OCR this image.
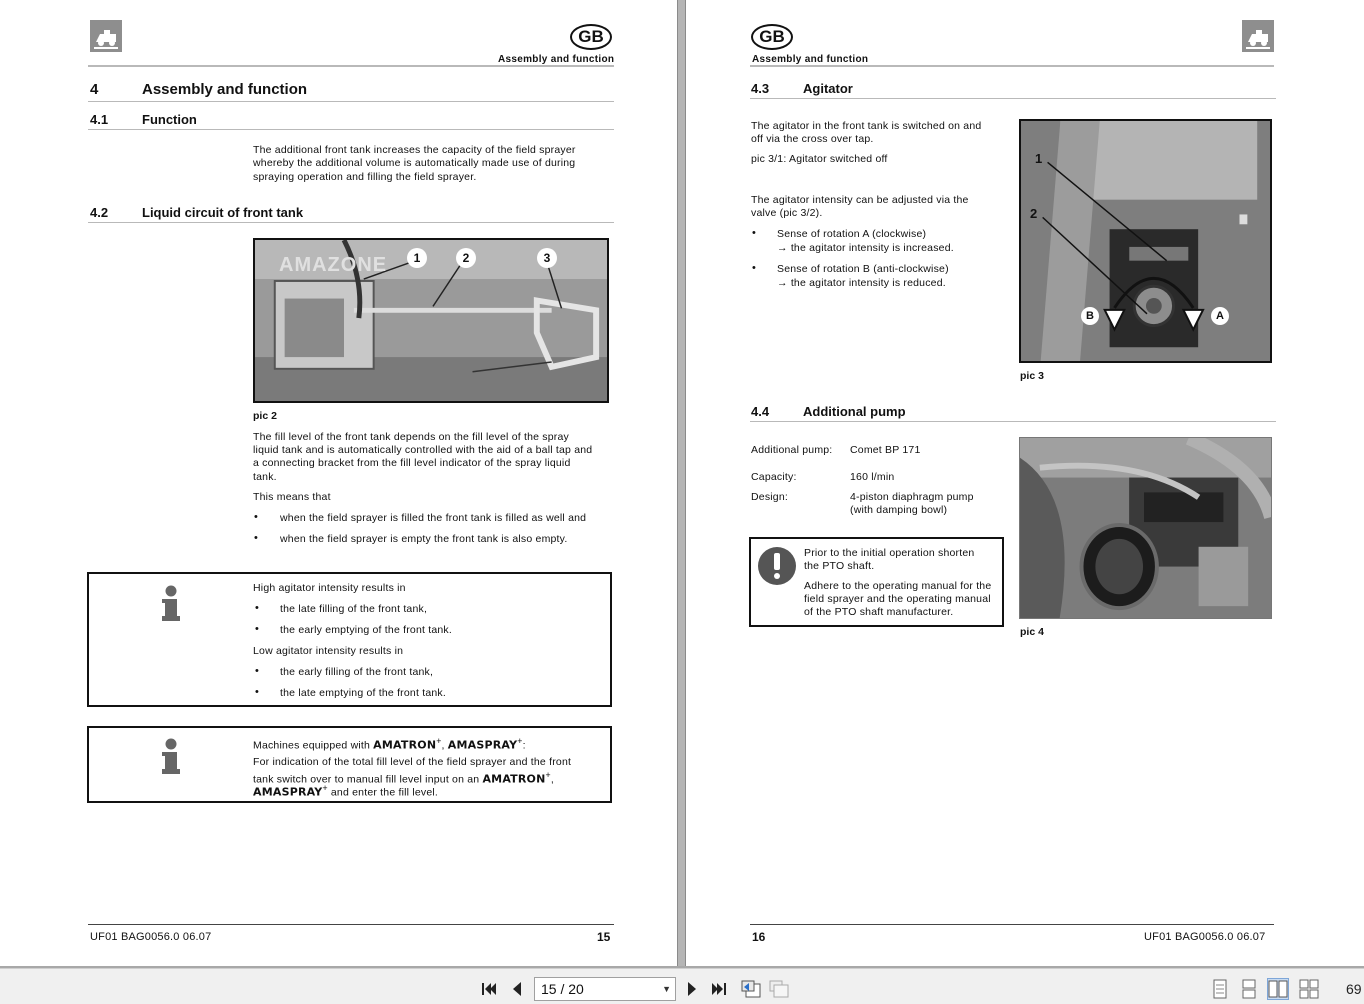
GB
Assembly and function
4	Assembly and function
4.1	Function
The additional front tank increases the capacity of the field sprayer
whereby the additional volume is automatically made use of during
spraying operation and filling the field sprayer.
4.2	Liquid circuit of front tank
AMAZONE	1	2	3
pic 2
The fill level of the front tank depends on the fill level of the spray
liquid tank and is automatically controlled with the aid of a ball tap and
a connecting bracket from the fill level indicator of the spray liquid
tank.
This means that
• when the field sprayer is filled the front tank is filled as well and
• when the field sprayer is empty the front tank is also empty.
High agitator intensity results in
• the late filling of the front tank,
• the early emptying of the front tank.
Low agitator intensity results in
• the early filling of the front tank,
• the late emptying of the front tank.
Machines equipped with AMATRON+, AMASPRAY+:
For indication of the total fill level of the field sprayer and the front
tank switch over to manual fill level input on an AMATRON+,
AMASPRAY+ and enter the fill level.
UF01 BAG0056.0 06.07	15
GB
Assembly and function
4.3	Agitator
The agitator in the front tank is switched on and
off via the cross over tap.
pic 3/1: Agitator switched off
The agitator intensity can be adjusted via the
valve (pic 3/2).
• Sense of rotation A (clockwise)
→ the agitator intensity is increased.
• Sense of rotation B (anti-clockwise)
→ the agitator intensity is reduced.
1
2
B	A
pic 3
4.4	Additional pump
Additional pump: Comet BP 171
Capacity:	160 l/min
Design:	4-piston diaphragm pump
(with damping bowl)
Prior to the initial operation shorten
the PTO shaft.
Adhere to the operating manual for the
field sprayer and the operating manual
of the PTO shaft manufacturer.
pic 4
16	UF01 BAG0056.0 06.07
15 / 20	▼	69
